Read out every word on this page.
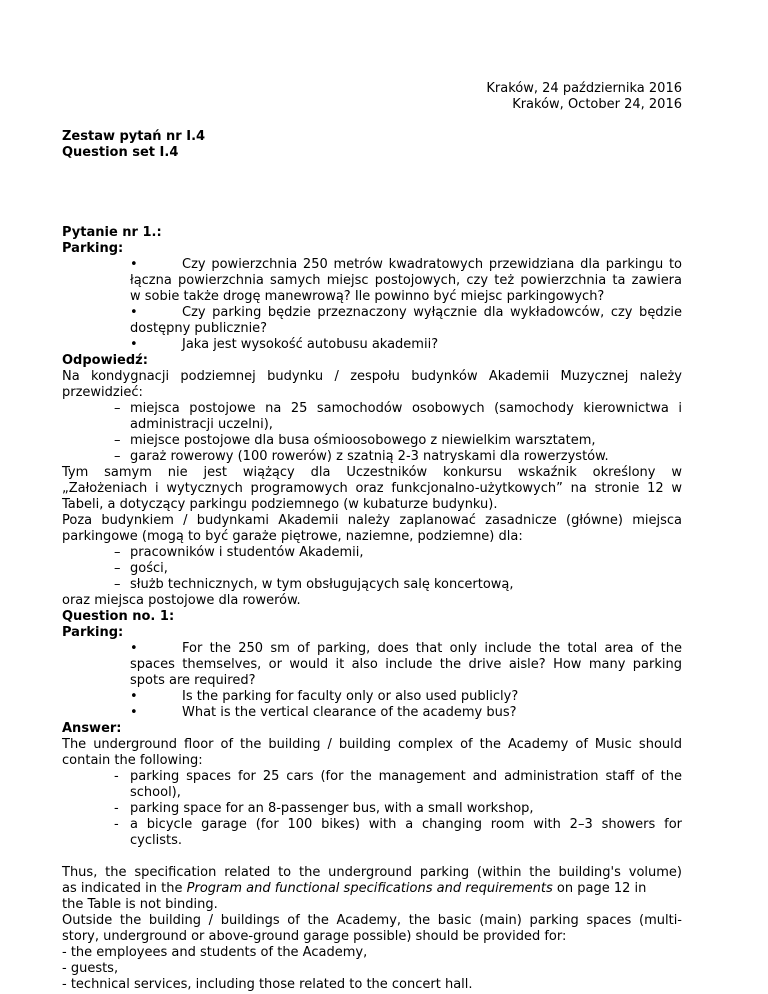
Kraków, 24 października 2016
Kraków, October 24, 2016
Zestaw pytań nr I.4
Question set I.4
Pytanie nr 1.:
Parking:
•	Czy powierzchnia 250 metrów kwadratowych przewidziana dla parkingu to
łączna powierzchnia samych miejsc postojowych, czy też powierzchnia ta zawiera
w sobie także drogę manewrową? Ile powinno być miejsc parkingowych?
•	Czy parking będzie przeznaczony wyłącznie dla wykładowców, czy będzie
dostępny publicznie?
•	Jaka jest wysokość autobusu akademii?
Odpowiedź:
Na kondygnacji podziemnej budynku / zespołu budynków Akademii Muzycznej należy
przewidzieć:
– miejsca postojowe na 25 samochodów osobowych (samochody kierownictwa i
administracji uczelni),
– miejsce postojowe dla busa ośmioosobowego z niewielkim warsztatem,
– garaż rowerowy (100 rowerów) z szatnią 2-3 natryskami dla rowerzystów.
Tym samym nie jest wiążący dla Uczestników konkursu wskaźnik określony w
„Założeniach i wytycznych programowych oraz funkcjonalno-użytkowych” na stronie 12 w
Tabeli, a dotyczący parkingu podziemnego (w kubaturze budynku).
Poza budynkiem / budynkami Akademii należy zaplanować zasadnicze (główne) miejsca
parkingowe (mogą to być garaże piętrowe, naziemne, podziemne) dla:
– pracowników i studentów Akademii,
– gości,
– służb technicznych, w tym obsługujących salę koncertową,
oraz miejsca postojowe dla rowerów.
Question no. 1:
Parking:
•	For the 250 sm of parking, does that only include the total area of the
spaces themselves, or would it also include the drive aisle? How many parking
spots are required?
•	Is the parking for faculty only or also used publicly?
•	What is the vertical clearance of the academy bus?
Answer:
The underground floor of the building / building complex of the Academy of Music should
contain the following:
- parking spaces for 25 cars (for the management and administration staff of the
school),
- parking space for an 8-passenger bus, with a small workshop,
- a bicycle garage (for 100 bikes) with a changing room with 2–3 showers for
cyclists.
Thus, the specification related to the underground parking (within the building's volume)
as indicated in the Program and functional specifications and requirements on page 12 in
the Table is not binding.
Outside the building / buildings of the Academy, the basic (main) parking spaces (multi-
story, underground or above-ground garage possible) should be provided for:
- the employees and students of the Academy,
- guests,
- technical services, including those related to the concert hall.
